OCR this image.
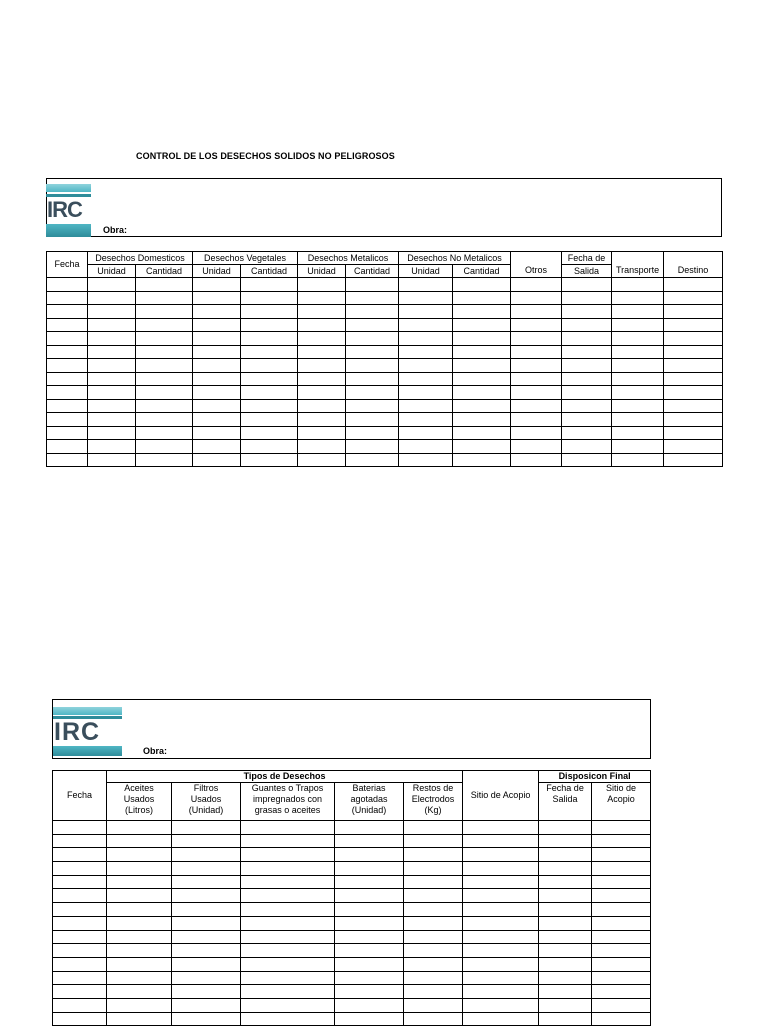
CONTROL DE LOS DESECHOS SOLIDOS NO PELIGROSOS
IRC
Obra:
Fecha	Desechos Domesticos		Desechos Vegetales		Desechos Metalicos		Desechos No Metalicos		Otros	Fecha de	Transporte	Destino
	Unidad	Cantidad	Unidad	Cantidad	Unidad	Cantidad	Unidad	Cantidad		Salida		

IRC
Obra:
Fecha	Tipos de Desechos					Sitio de Acopio	Disposicon Final	
	Aceites Usados (Litros)	Filtros Usados (Unidad)	Guantes o Trapos impregnados con grasas o aceites	Baterias agotadas (Unidad)	Restos de Electrodos (Kg)		Fecha de Salida	Sitio de Acopio
